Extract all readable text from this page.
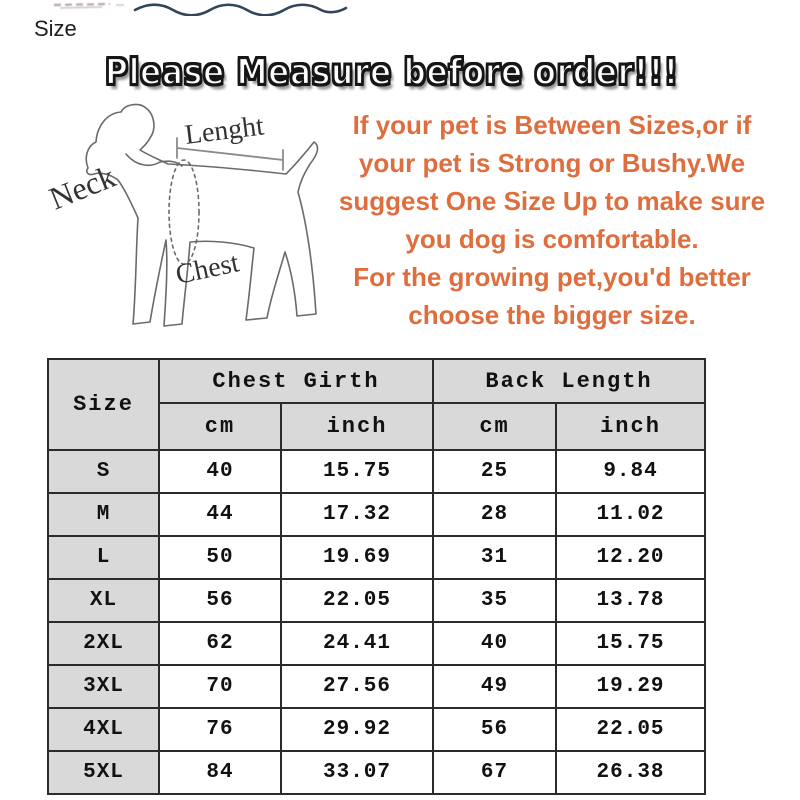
Size
Please Measure before order!!!
Lenght
Neck
Chest
If your pet is Between Sizes,or if
your pet is Strong or Bushy.We
suggest One Size Up to make sure
you dog is comfortable.
For the growing pet,you'd better
choose the bigger size.
Size	Chest Girth		Back Length	
	cm	inch	cm	inch
S	40	15.75	25	9.84
M	44	17.32	28	11.02
L	50	19.69	31	12.20
XL	56	22.05	35	13.78
2XL	62	24.41	40	15.75
3XL	70	27.56	49	19.29
4XL	76	29.92	56	22.05
5XL	84	33.07	67	26.38
